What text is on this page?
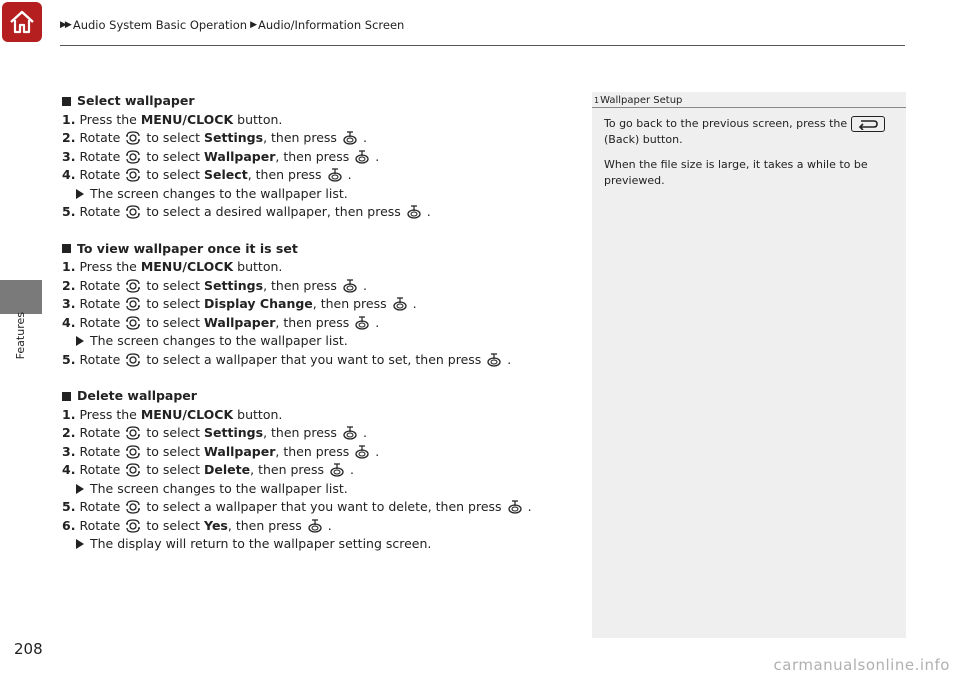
▶▶ Audio System Basic Operation ▶ Audio/Information Screen
Features
208
Select wallpaper
1. Press the
MENU/CLOCK
button.
2. Rotate to select
Settings , then press .
3. Rotate to select
Wallpaper , then press .
4. Rotate to select
Select , then press .
The screen changes to the wallpaper list.
5. Rotate to select a desired wallpaper, then press .
To view wallpaper once it is set
1. Press the
MENU/CLOCK
button.
2. Rotate to select
Settings , then press .
3. Rotate to select
Display Change , then press .
4. Rotate to select
Wallpaper , then press .
The screen changes to the wallpaper list.
5. Rotate to select a wallpaper that you want to set, then press .
Delete wallpaper
1. Press the
MENU/CLOCK
button.
2. Rotate to select
Settings , then press .
3. Rotate to select
Wallpaper , then press .
4. Rotate to select
Delete , then press .
The screen changes to the wallpaper list.
5. Rotate to select a wallpaper that you want to delete, then press .
6. Rotate to select
Yes , then press .
The display will return to the wallpaper setting screen.
1 Wallpaper Setup

To go back to the previous screen, press the

(Back) button.

When the file size is large, it takes a while to be previewed.

carmanualsonline.info
